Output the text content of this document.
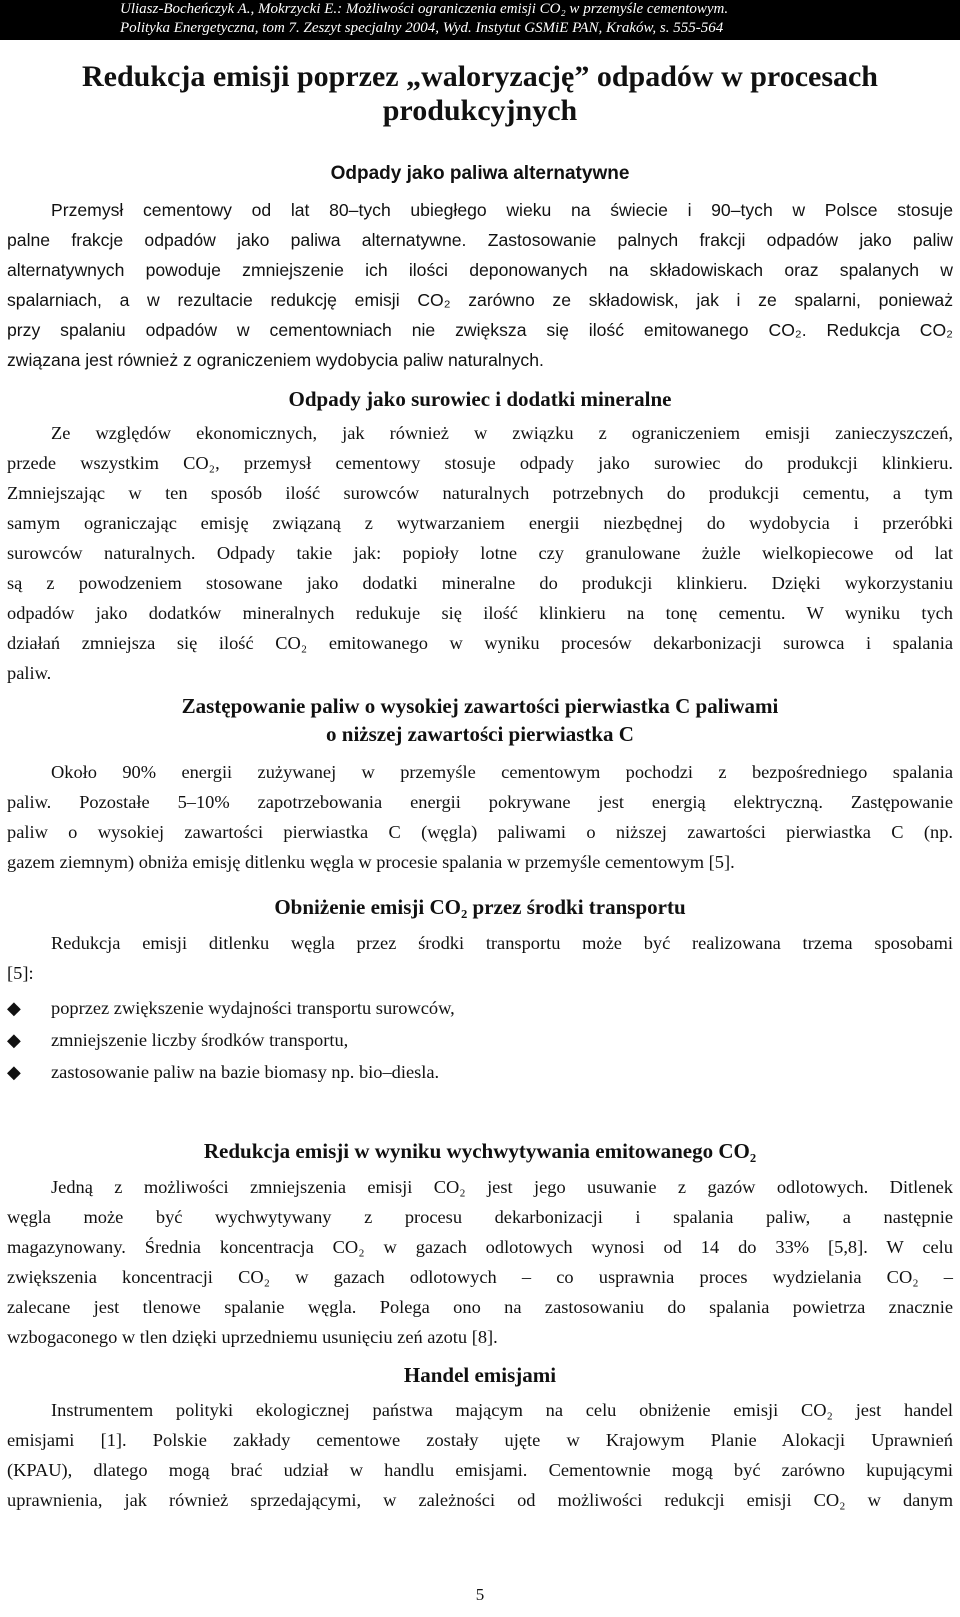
Uliasz-Bocheńczyk A., Mokrzycki E.: Możliwości ograniczenia emisji CO₂ w przemyśle cementowym.
Polityka Energetyczna, tom 7. Zeszyt specjalny 2004, Wyd. Instytut GSMiE PAN, Kraków, s. 555-564
Redukcja emisji poprzez „waloryzację” odpadów w procesach
produkcyjnych
Odpady jako paliwa alternatywne
Przemysł cementowy od lat 80–tych ubiegłego wieku na świecie i 90–tych w Polsce stosuje
palne frakcje odpadów jako paliwa alternatywne. Zastosowanie palnych frakcji odpadów jako paliw
alternatywnych powoduje zmniejszenie ich ilości deponowanych na składowiskach oraz spalanych w
spalarniach, a w rezultacie redukcję emisji CO₂ zarówno ze składowisk, jak i ze spalarni, ponieważ
przy spalaniu odpadów w cementowniach nie zwiększa się ilość emitowanego CO₂. Redukcja CO₂
związana jest również z ograniczeniem wydobycia paliw naturalnych.
Odpady jako surowiec i dodatki mineralne
Ze względów ekonomicznych, jak również w związku z ograniczeniem emisji zanieczyszczeń,
przede wszystkim CO₂, przemysł cementowy stosuje odpady jako surowiec do produkcji klinkieru.
Zmniejszając w ten sposób ilość surowców naturalnych potrzebnych do produkcji cementu, a tym
samym ograniczając emisję związaną z wytwarzaniem energii niezbędnej do wydobycia i przeróbki
surowców naturalnych. Odpady takie jak: popioły lotne czy granulowane żużle wielkopiecowe od lat
są z powodzeniem stosowane jako dodatki mineralne do produkcji klinkieru. Dzięki wykorzystaniu
odpadów jako dodatków mineralnych redukuje się ilość klinkieru na tonę cementu. W wyniku tych
działań zmniejsza się ilość CO₂ emitowanego w wyniku procesów dekarbonizacji surowca i spalania
paliw.
Zastępowanie paliw o wysokiej zawartości pierwiastka C paliwami
o niższej zawartości pierwiastka C
Około 90% energii zużywanej w przemyśle cementowym pochodzi z bezpośredniego spalania
paliw. Pozostałe 5–10% zapotrzebowania energii pokrywane jest energią elektryczną. Zastępowanie
paliw o wysokiej zawartości pierwiastka C (węgla) paliwami o niższej zawartości pierwiastka C (np.
gazem ziemnym) obniża emisję ditlenku węgla w procesie spalania w przemyśle cementowym [5].
Obniżenie emisji CO₂ przez środki transportu
Redukcja emisji ditlenku węgla przez środki transportu może być realizowana trzema sposobami
[5]:
◆	poprzez zwiększenie wydajności transportu surowców,
◆	zmniejszenie liczby środków transportu,
◆	zastosowanie paliw na bazie biomasy np. bio–diesla.
Redukcja emisji w wyniku wychwytywania emitowanego CO₂
Jedną z możliwości zmniejszenia emisji CO₂ jest jego usuwanie z gazów odlotowych. Ditlenek
węgla może być wychwytywany z procesu dekarbonizacji i spalania paliw, a następnie
magazynowany. Średnia koncentracja CO₂ w gazach odlotowych wynosi od 14 do 33% [5,8]. W celu
zwiększenia koncentracji CO₂ w gazach odlotowych – co usprawnia proces wydzielania CO₂ –
zalecane jest tlenowe spalanie węgla. Polega ono na zastosowaniu do spalania powietrza znacznie
wzbogaconego w tlen dzięki uprzedniemu usunięciu zeń azotu [8].
Handel emisjami
Instrumentem polityki ekologicznej państwa mającym na celu obniżenie emisji CO₂ jest handel
emisjami [1]. Polskie zakłady cementowe zostały ujęte w Krajowym Planie Alokacji Uprawnień
(KPAU), dlatego mogą brać udział w handlu emisjami. Cementownie mogą być zarówno kupującymi
uprawnienia, jak również sprzedającymi, w zależności od możliwości redukcji emisji CO₂ w danym
5
